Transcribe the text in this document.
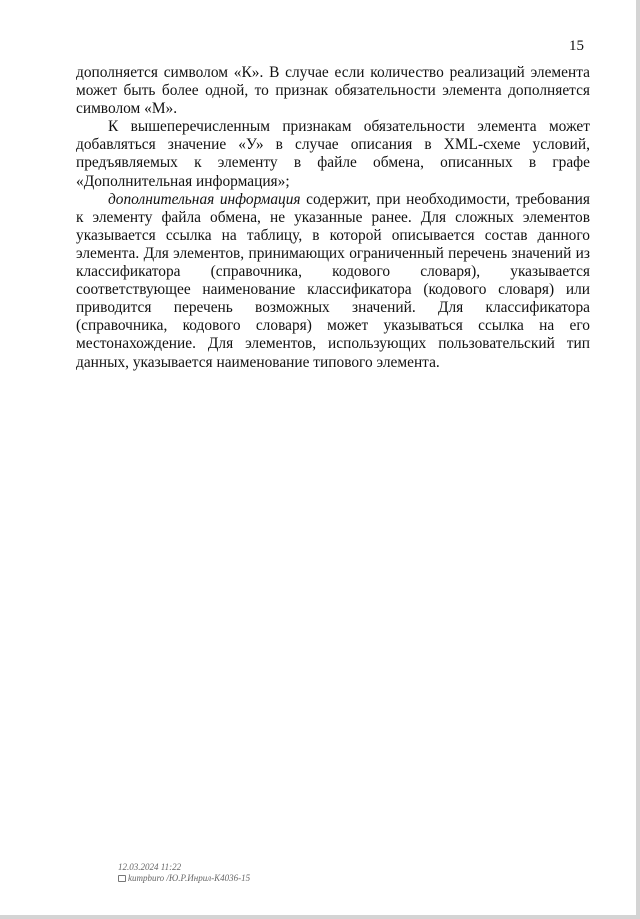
15

дополняется символом «К». В случае если количество реализаций элемента может быть более одной, то признак обязательности элемента дополняется символом «М».

К вышеперечисленным признакам обязательности элемента может добавляться значение «У» в случае описания в XML-схеме условий, предъявляемых к элементу в файле обмена, описанных в графе «Дополнительная информация»;

дополнительная информация содержит, при необходимости, требования к элементу файла обмена, не указанные ранее. Для сложных элементов указывается ссылка на таблицу, в которой описывается состав данного элемента. Для элементов, принимающих ограниченный перечень значений из классификатора (справочника, кодового словаря), указывается соответствующее наименование классификатора (кодового словаря) или приводится перечень возможных значений. Для классификатора (справочника, кодового словаря) может указываться ссылка на его местонахождение. Для элементов, использующих пользовательский тип данных, указывается наименование типового элемента.

12.03.2024 11:22
kumpburo /Ю.Р.Инрил-К4036-15
